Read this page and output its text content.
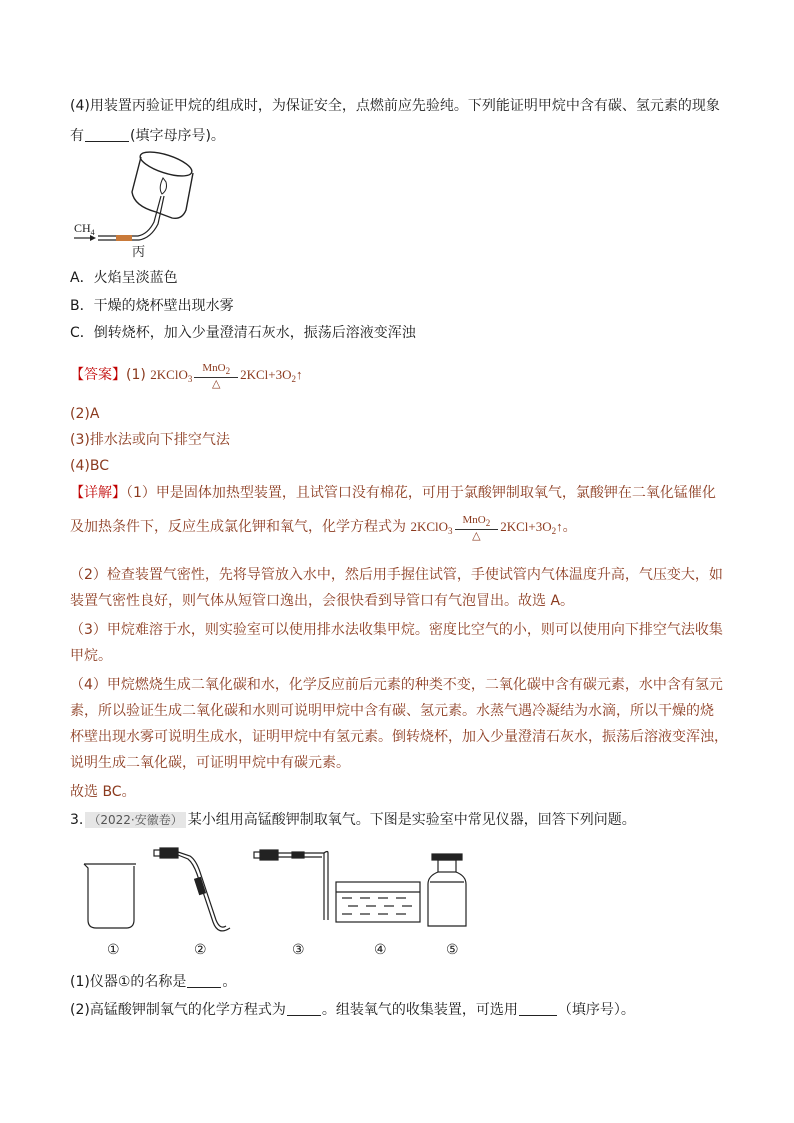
(4)用装置丙验证甲烷的组成时，为保证安全，点燃前应先验纯。下列能证明甲烷中含有碳、氢元素的现象
有	(填字母序号)。
$CH_4$
丙
A．火焰呈淡蓝色
B．干燥的烧杯壁出现水雾
C．倒转烧杯，加入少量澄清石灰水，振荡后溶液变浑浊
【答案】(1) 2KClO$_3$ $\frac{MnO_2}{\triangle}$ $2KCl+3O_2↑$
(2)A
(3)排水法或向下排空气法
(4)BC
【详解】（1）甲是固体加热型装置，且试管口没有棉花，可用于氯酸钾制取氧气，氯酸钾在二氧化锰催化
及加热条件下，反应生成氯化钾和氧气，化学方程式为 2KClO$_3$ $\frac{MnO_2}{\triangle}$ $2KCl+3O_2↑$。
（2）检查装置气密性，先将导管放入水中，然后用手握住试管，手使试管内气体温度升高，气压变大，如
装置气密性良好，则气体从短管口逸出，会很快看到导管口有气泡冒出。故选 A。
（3）甲烷难溶于水，则实验室可以使用排水法收集甲烷。密度比空气的小，则可以使用向下排空气法收集
甲烷。
（4）甲烷燃烧生成二氧化碳和水，化学反应前后元素的种类不变，二氧化碳中含有碳元素，水中含有氢元
素，所以验证生成二氧化碳和水则可说明甲烷中含有碳、氢元素。水蒸气遇冷凝结为水滴，所以干燥的烧
杯壁出现水雾可说明生成水，证明甲烷中有氢元素。倒转烧杯，加入少量澄清石灰水，振荡后溶液变浑浊，
说明生成二氧化碳，可证明甲烷中有碳元素。
故选 BC。
3. （2022·安徽卷） 某小组用高锰酸钾制取氧气。下图是实验室中常见仪器，回答下列问题。
①	②	③	④	⑤
(1)仪器①的名称是	。
(2)高锰酸钾制氧气的化学方程式为	。组装氧气的收集装置，可选用	（填序号）。
